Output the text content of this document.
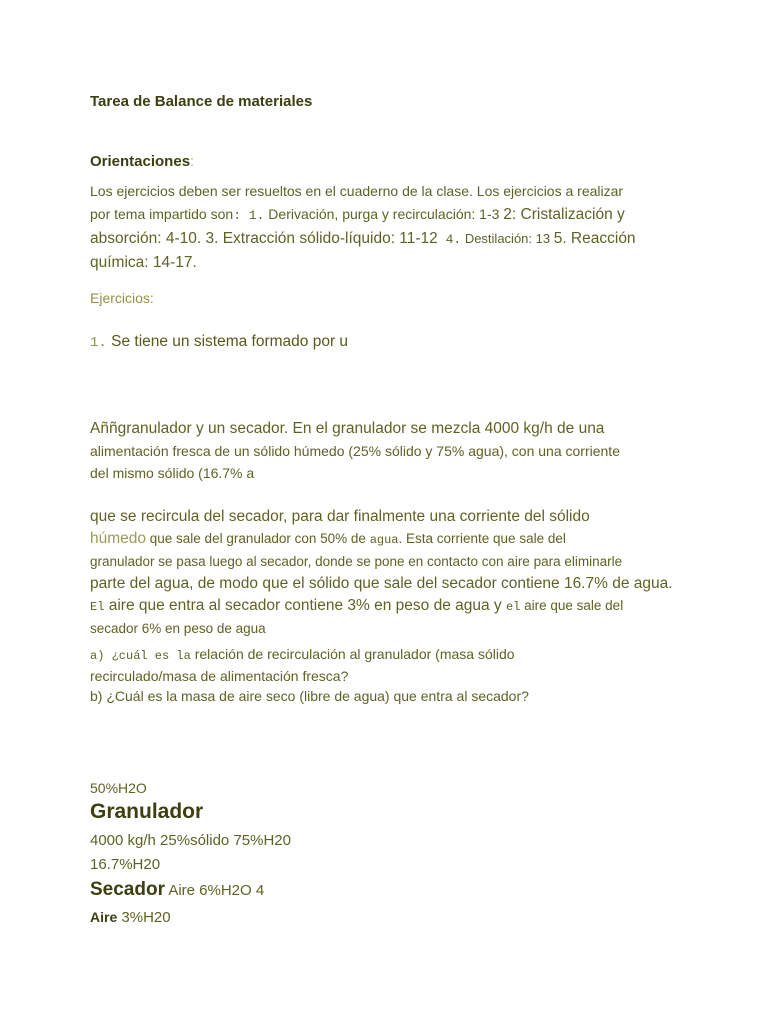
Tarea de Balance de materiales
Orientaciones:
Los ejercicios deben ser resueltos en el cuaderno de la clase. Los ejercicios a realizar
por tema impartido son: 1. Derivación, purga y recirculación: 1-3 2: Cristalización y
absorción: 4-10. 3. Extracción sólido-líquido: 11-12 4. Destilación: 13 5. Reacción
química: 14-17.
Ejercicios:
1. Se tiene un sistema formado por u
Aññgranulador y un secador. En el granulador se mezcla 4000 kg/h de una
alimentación fresca de un sólido húmedo (25% sólido y 75% agua), con una corriente
del mismo sólido (16.7% a
que se recircula del secador, para dar finalmente una corriente del sólido
húmedo que sale del granulador con 50% de agua. Esta corriente que sale del
granulador se pasa luego al secador, donde se pone en contacto con aire para eliminarle
parte del agua, de modo que el sólido que sale del secador contiene 16.7% de agua.
El aire que entra al secador contiene 3% en peso de agua y el aire que sale del
secador 6% en peso de agua
a) ¿cuál es la relación de recirculación al granulador (masa sólido
recirculado/masa de alimentación fresca?
b) ¿Cuál es la masa de aire seco (libre de agua) que entra al secador?
50%H2O
Granulador
4000 kg/h 25%sólido 75%H20
16.7%H20
Secador Aire 6%H2O 4
Aire 3%H20
